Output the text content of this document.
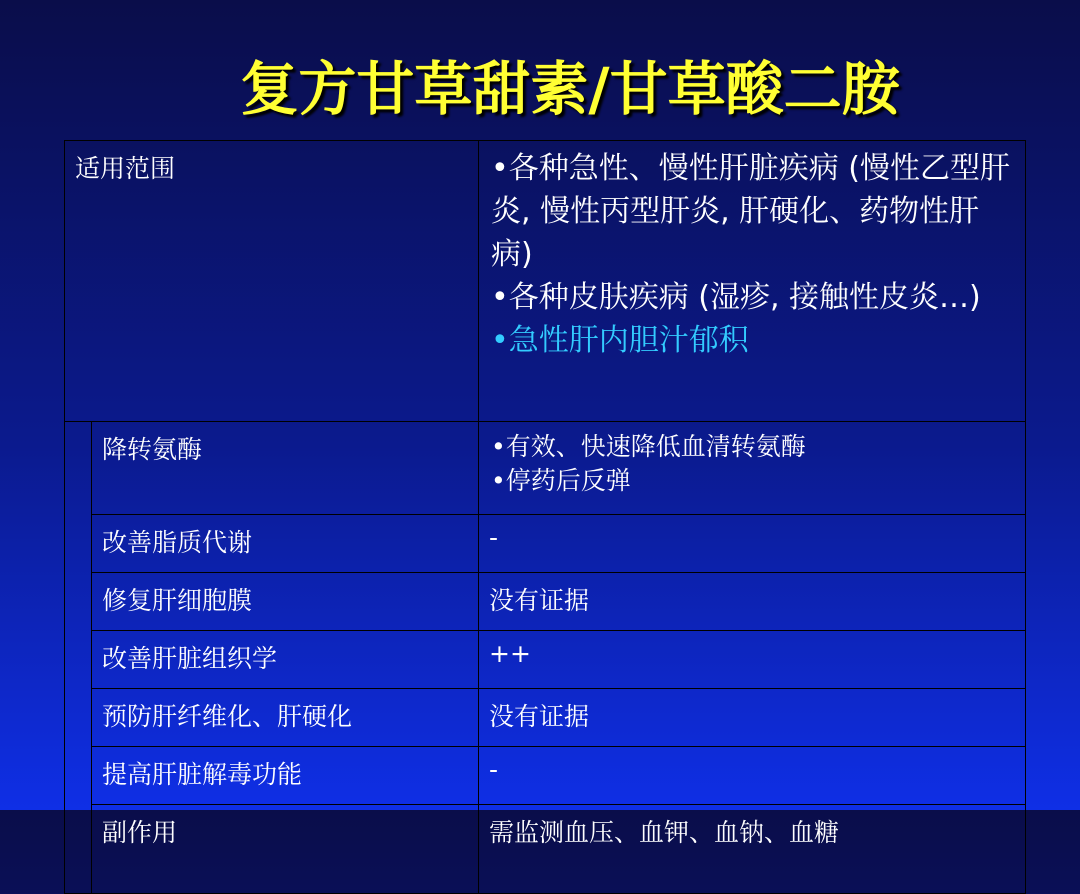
复方甘草甜素/甘草酸二胺
适用范围		•各种急性、慢性肝脏疾病 (慢性乙型肝炎, 慢性丙型肝炎, 肝硬化、药物性肝病)
•各种皮肤疾病 (湿疹, 接触性皮炎…)
•急性肝内胆汁郁积

	降转氨酶	•有效、快速降低血清转氨酶
•停药后反弹

	改善脂质代谢	-
	修复肝细胞膜	没有证据
	改善肝脏组织学	++
	预防肝纤维化、肝硬化	没有证据
	提高肝脏解毒功能	-
	副作用	需监测血压、血钾、血钠、血糖
